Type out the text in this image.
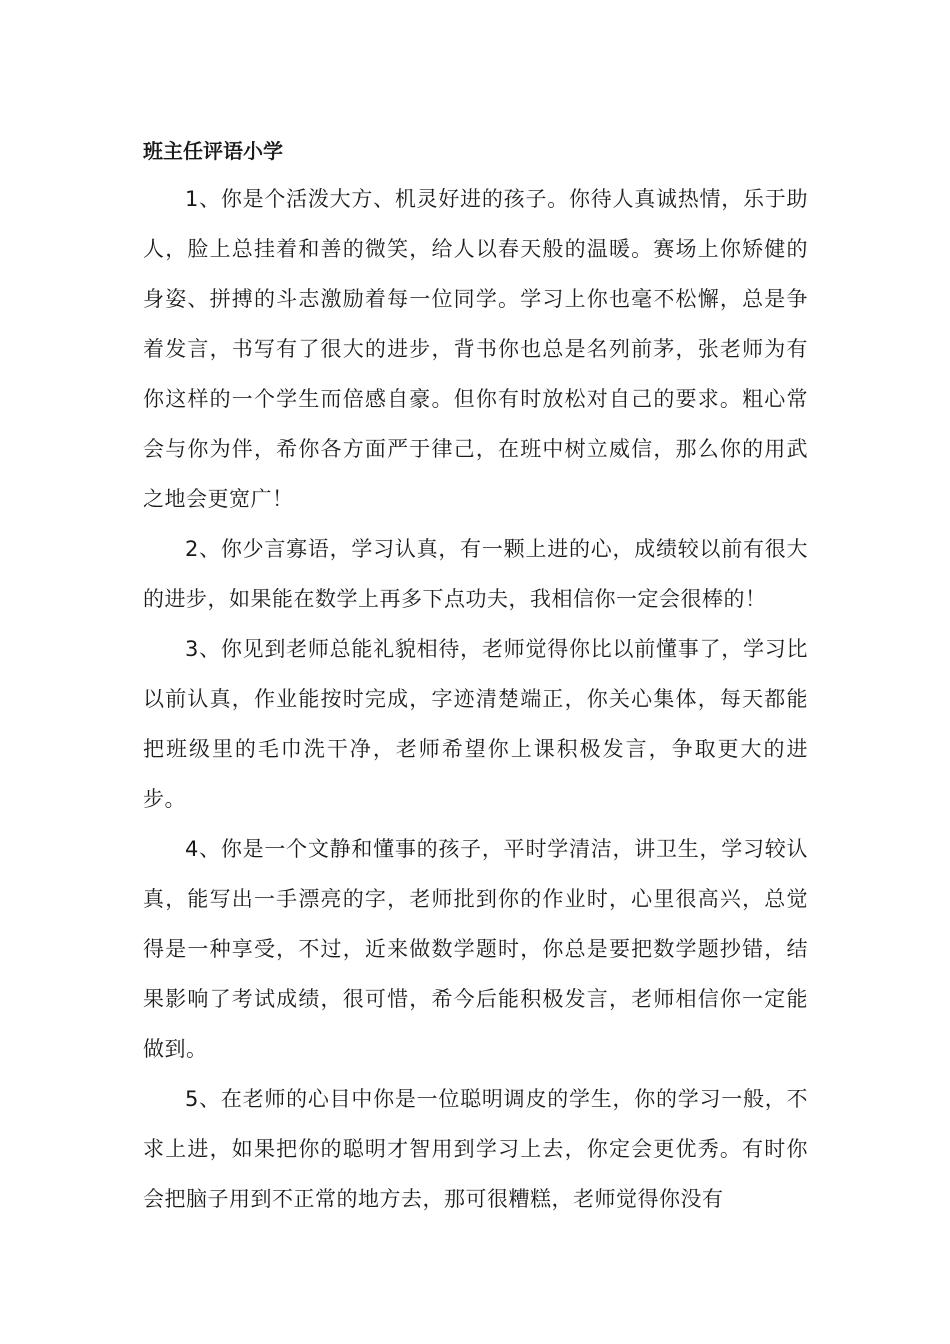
班主任评语小学

1、你是个活泼大方、机灵好进的孩子。你待人真诚热情，乐于助人，脸上总挂着和善的微笑，给人以春天般的温暖。赛场上你矫健的身姿、拼搏的斗志激励着每一位同学。学习上你也毫不松懈，总是争着发言，书写有了很大的进步，背书你也总是名列前茅，张老师为有你这样的一个学生而倍感自豪。但你有时放松对自己的要求。粗心常会与你为伴，希你各方面严于律己，在班中树立威信，那么你的用武之地会更宽广！

2、你少言寡语，学习认真，有一颗上进的心，成绩较以前有很大的进步，如果能在数学上再多下点功夫，我相信你一定会很棒的！

3、你见到老师总能礼貌相待，老师觉得你比以前懂事了，学习比以前认真，作业能按时完成，字迹清楚端正，你关心集体，每天都能把班级里的毛巾洗干净，老师希望你上课积极发言，争取更大的进步。

4、你是一个文静和懂事的孩子，平时学清洁，讲卫生，学习较认真，能写出一手漂亮的字，老师批到你的作业时，心里很高兴，总觉得是一种享受，不过，近来做数学题时，你总是要把数学题抄错，结果影响了考试成绩，很可惜，希今后能积极发言，老师相信你一定能做到。

5、在老师的心目中你是一位聪明调皮的学生，你的学习一般，不求上进，如果把你的聪明才智用到学习上去，你定会更优秀。有时你会把脑子用到不正常的地方去，那可很糟糕，老师觉得你没有
